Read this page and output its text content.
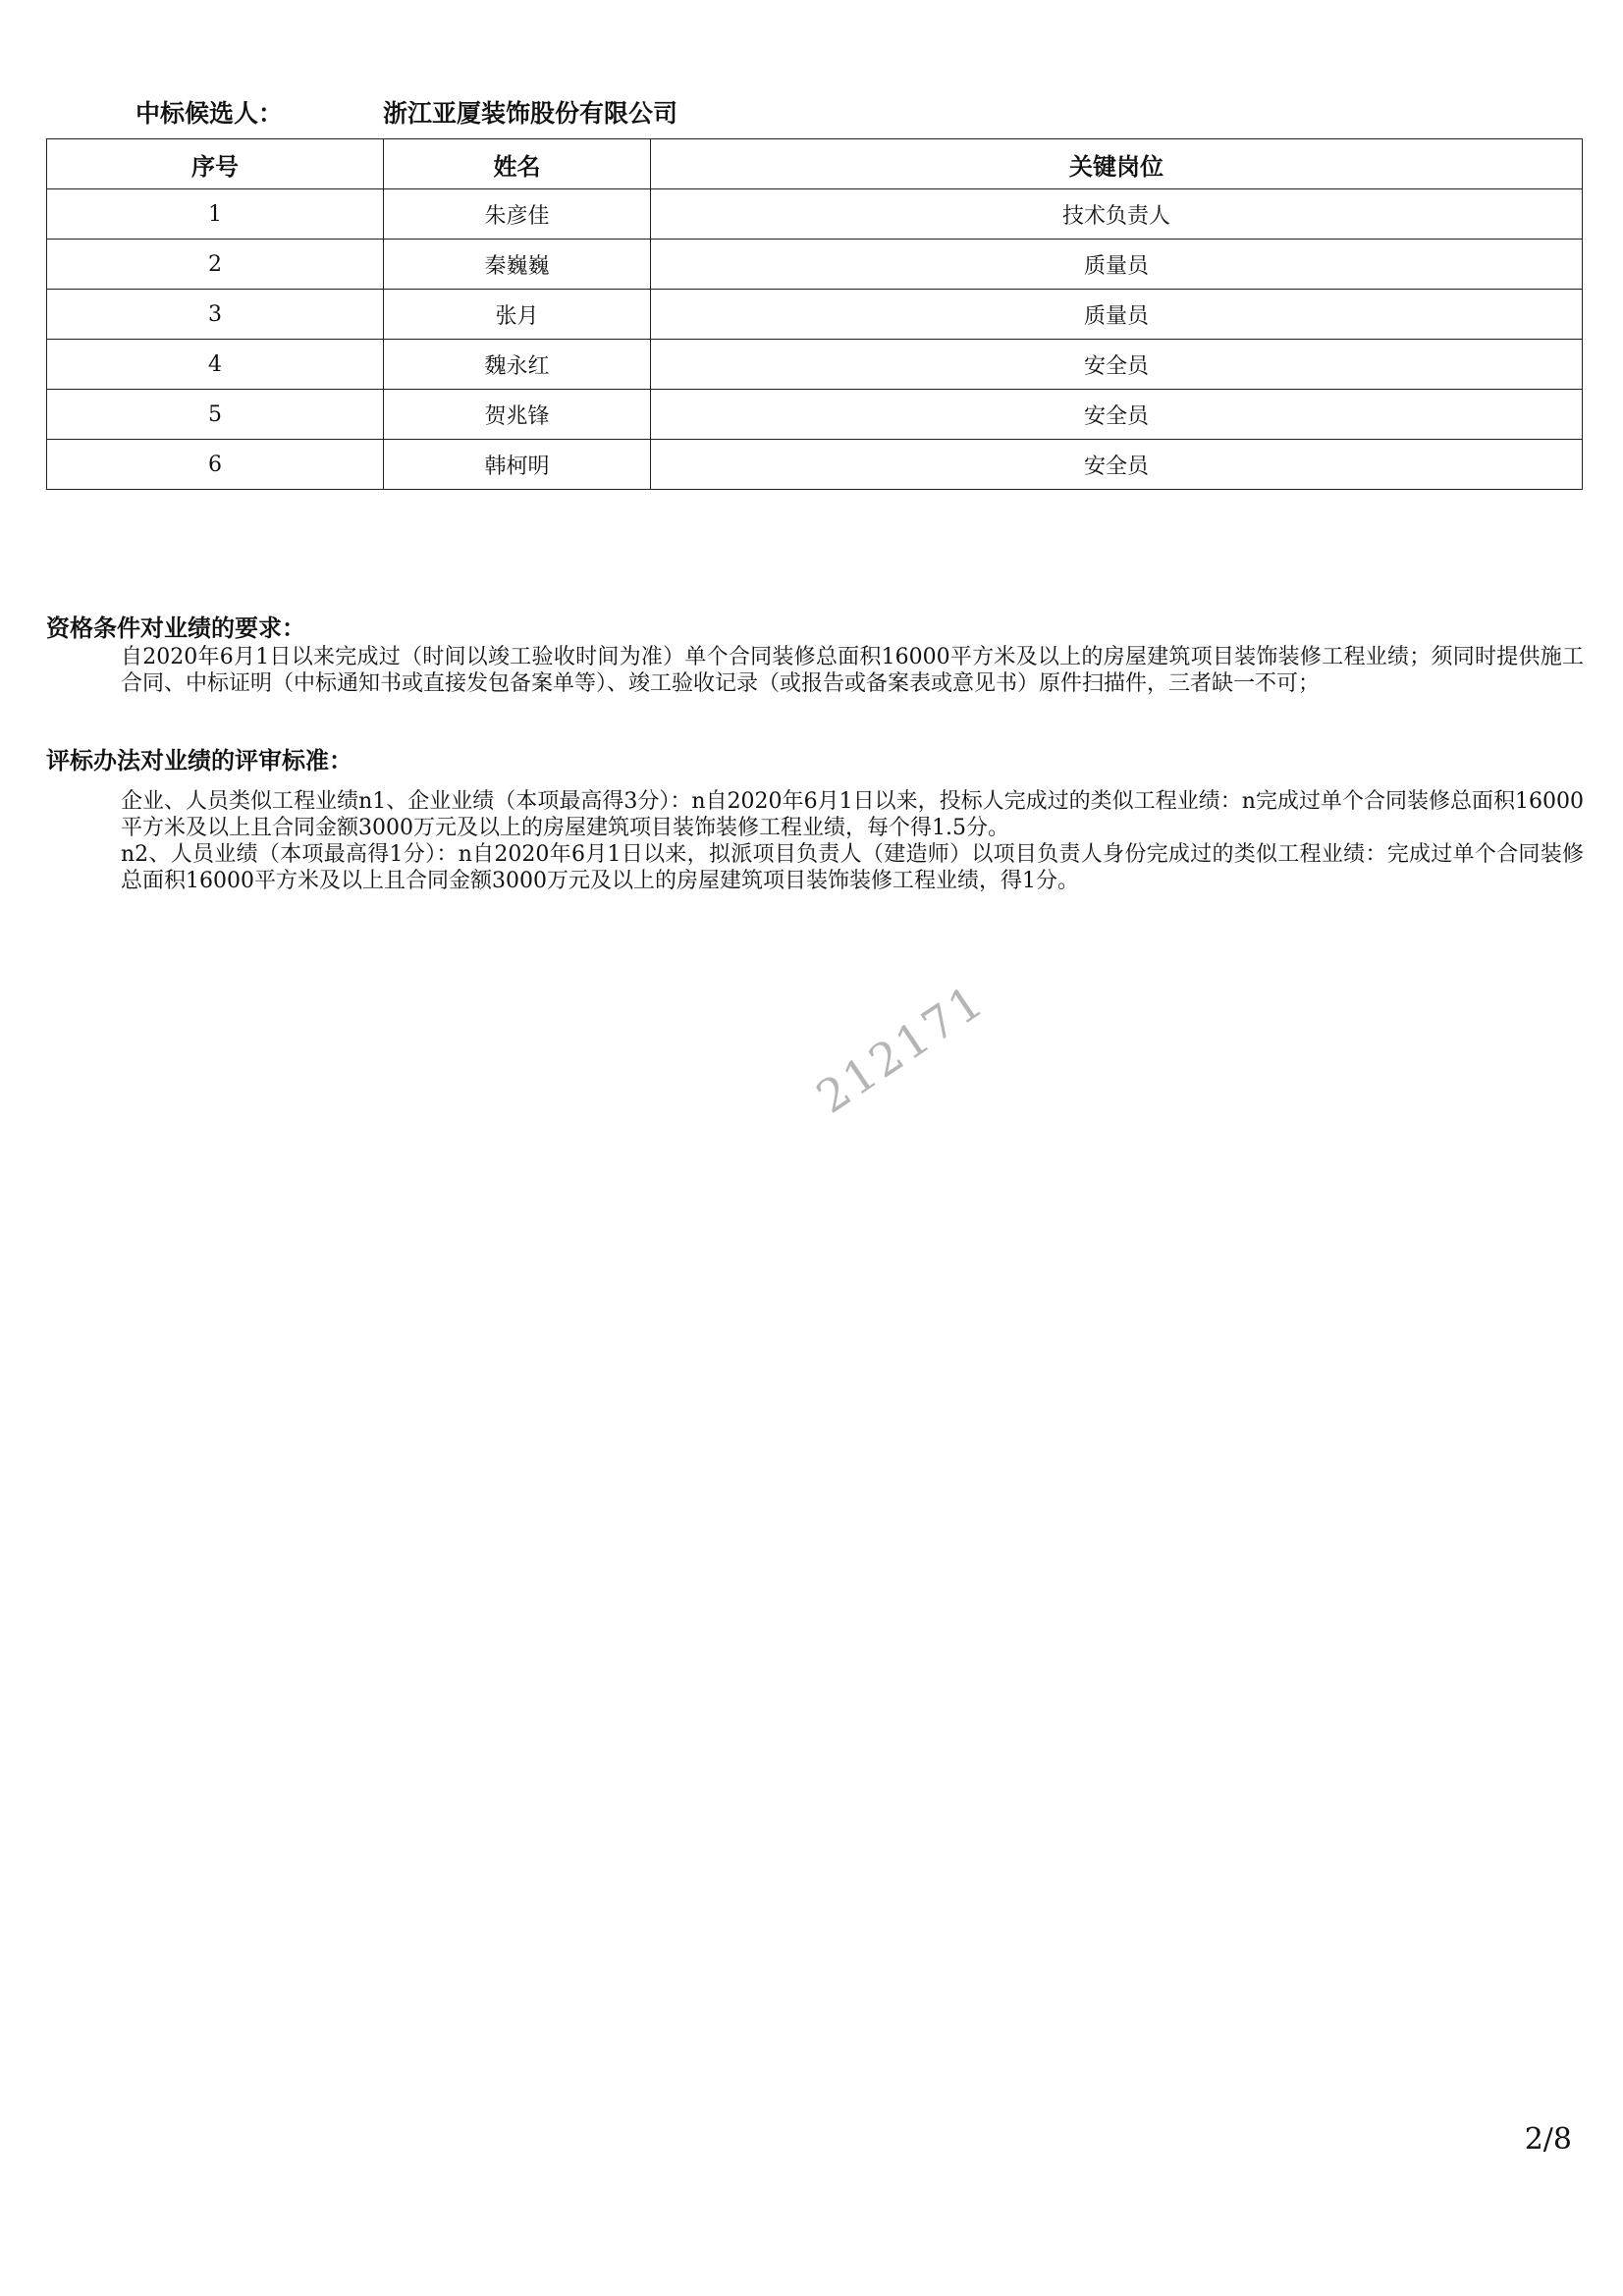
中标候选人：	浙江亚厦装饰股份有限公司
序号	姓名	关键岗位
1	朱彦佳	技术负责人
2	秦巍巍	质量员
3	张月	质量员
4	魏永红	安全员
5	贺兆锋	安全员
6	韩柯明	安全员
资格条件对业绩的要求：

自2020年6月1日以来完成过（时间以竣工验收时间为准）单个合同装修总面积16000平方米及以上的房屋建筑项目装饰装修工程业绩；须同时提供施工合同、中标证明（中标通知书或直接发包备案单等）、竣工验收记录（或报告或备案表或意见书）原件扫描件，三者缺一不可；

评标办法对业绩的评审标准：

企业、人员类似工程业绩n1、企业业绩（本项最高得3分）：n自2020年6月1日以来，投标人完成过的类似工程业绩：n完成过单个合同装修总面积16000平方米及以上且合同金额3000万元及以上的房屋建筑项目装饰装修工程业绩，每个得1.5分。

n2、人员业绩（本项最高得1分）：n自2020年6月1日以来，拟派项目负责人（建造师）以项目负责人身份完成过的类似工程业绩：完成过单个合同装修总面积16000平方米及以上且合同金额3000万元及以上的房屋建筑项目装饰装修工程业绩，得1分。

212171
2/8
